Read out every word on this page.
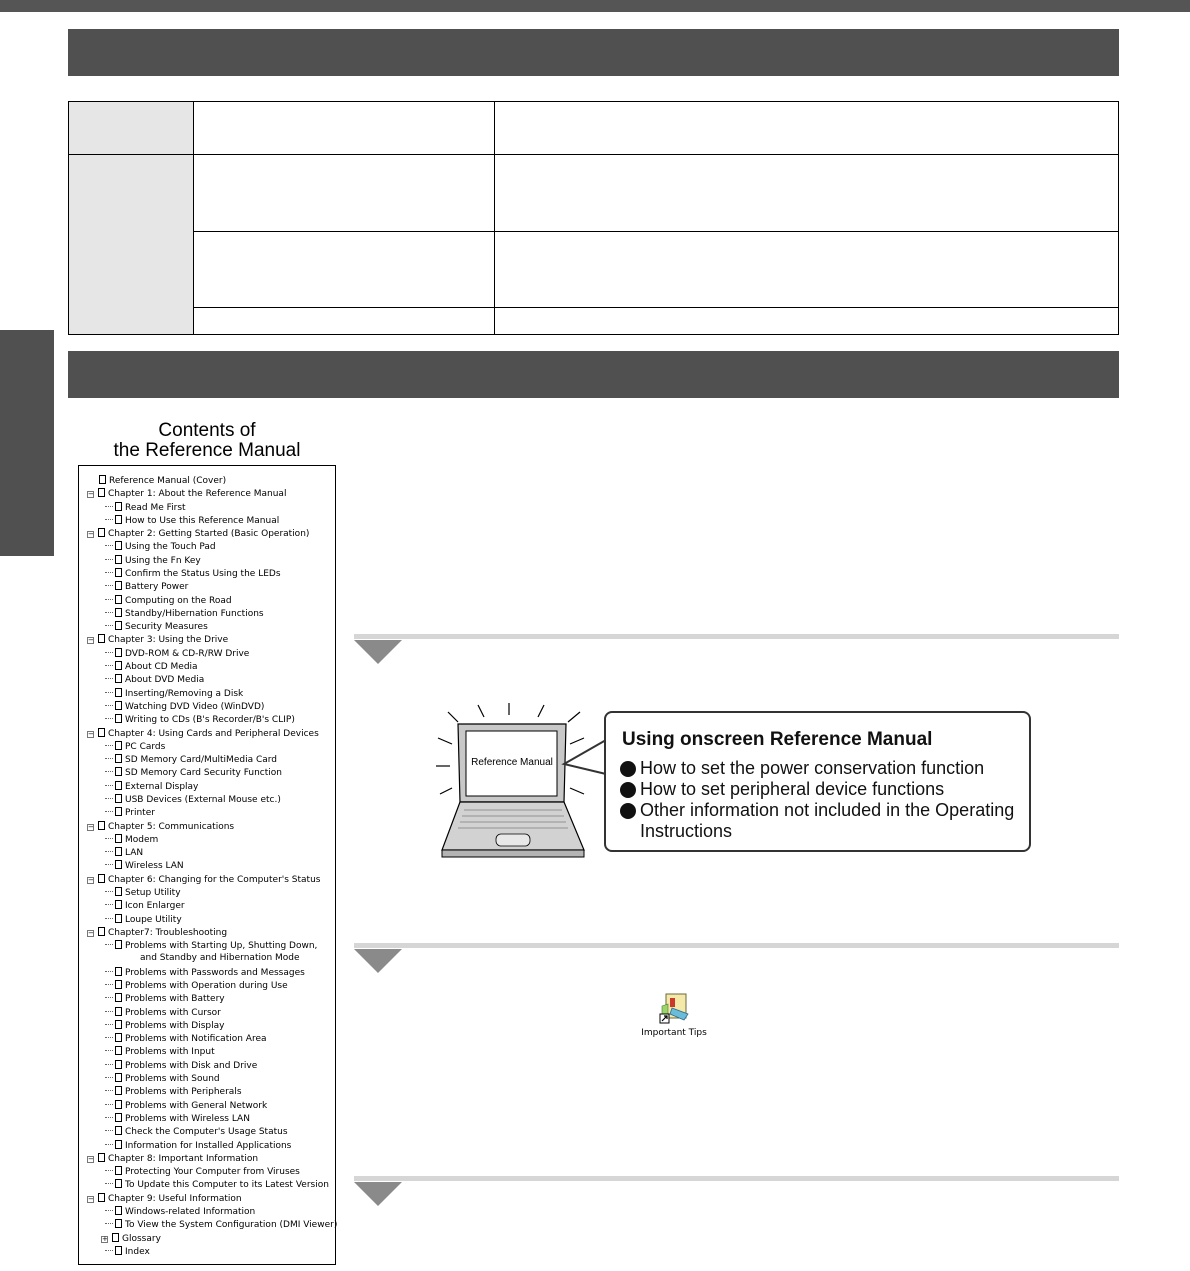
Contents of
the Reference Manual
Reference Manual (Cover)
− Chapter 1: About the Reference Manual
Read Me First
How to Use this Reference Manual
− Chapter 2: Getting Started (Basic Operation)
Using the Touch Pad
Using the Fn Key
Confirm the Status Using the LEDs
Battery Power
Computing on the Road
Standby/Hibernation Functions
Security Measures
− Chapter 3: Using the Drive
DVD-ROM & CD-R/RW Drive
About CD Media
About DVD Media
Inserting/Removing a Disk
Watching DVD Video (WinDVD)
Writing to CDs (B's Recorder/B's CLIP)
− Chapter 4: Using Cards and Peripheral Devices
PC Cards
SD Memory Card/MultiMedia Card
SD Memory Card Security Function
External Display
USB Devices (External Mouse etc.)
Printer
− Chapter 5: Communications
Modem
LAN
Wireless LAN
− Chapter 6: Changing for the Computer's Status
Setup Utility
Icon Enlarger
Loupe Utility
− Chapter7: Troubleshooting
Problems with Starting Up, Shutting Down,
and Standby and Hibernation Mode
Problems with Passwords and Messages
Problems with Operation during Use
Problems with Battery
Problems with Cursor
Problems with Display
Problems with Notification Area
Problems with Input
Problems with Disk and Drive
Problems with Sound
Problems with Peripherals
Problems with General Network
Problems with Wireless LAN
Check the Computer's Usage Status
Information for Installed Applications
− Chapter 8: Important Information
Protecting Your Computer from Viruses
To Update this Computer to its Latest Version
− Chapter 9: Useful Information
Windows-related Information
To View the System Configuration (DMI Viewer)
+ Glossary
Index
Reference Manual
Using onscreen Reference Manual
How to set the power conservation function
How to set peripheral device functions
Other information not included in the Operating Instructions
Important Tips
